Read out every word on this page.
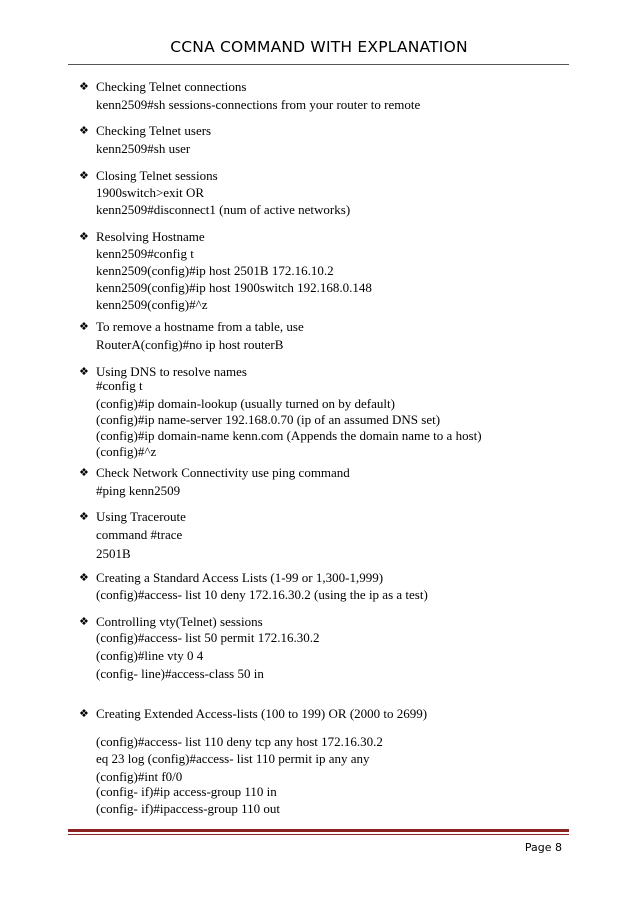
CCNA COMMAND WITH EXPLANATION
❖ Checking Telnet connections
kenn2509#sh sessions-connections from your router to remote
❖ Checking Telnet users
kenn2509#sh user
❖ Closing Telnet sessions
1900switch>exit OR
kenn2509#disconnect1 (num of active networks)
❖ Resolving Hostname
kenn2509#config t
kenn2509(config)#ip host 2501B 172.16.10.2
kenn2509(config)#ip host 1900switch 192.168.0.148
kenn2509(config)#^z
❖ To remove a hostname from a table, use
RouterA(config)#no ip host routerB
❖ Using DNS to resolve names
#config t
(config)#ip domain-lookup (usually turned on by default)
(config)#ip name-server 192.168.0.70 (ip of an assumed DNS set)
(config)#ip domain-name kenn.com (Appends the domain name to a host)
(config)#^z
❖ Check Network Connectivity use ping command
#ping kenn2509
❖ Using Traceroute
command #trace
2501B
❖ Creating a Standard Access Lists (1-99 or 1,300-1,999)
(config)#access- list 10 deny 172.16.30.2 (using the ip as a test)
❖ Controlling vty(Telnet) sessions
(config)#access- list 50 permit 172.16.30.2
(config)#line vty 0 4
(config- line)#access-class 50 in
❖ Creating Extended Access-lists (100 to 199) OR (2000 to 2699)
(config)#access- list 110 deny tcp any host 172.16.30.2
eq 23 log (config)#access- list 110 permit ip any any
(config)#int f0/0
(config- if)#ip access-group 110 in
(config- if)#ipaccess-group 110 out
Page 8
